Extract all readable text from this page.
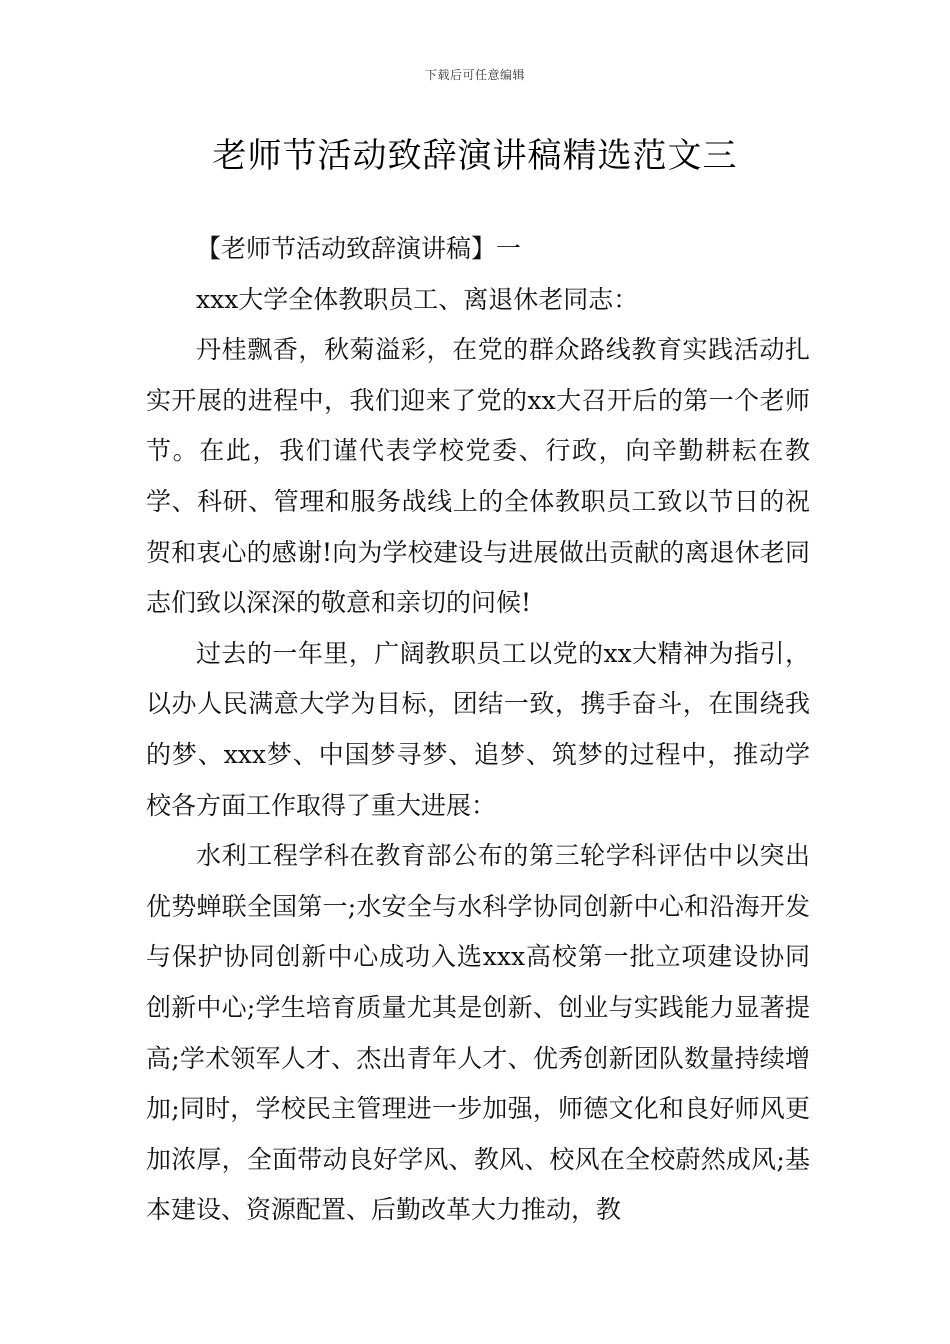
下载后可任意编辑
老师节活动致辞演讲稿精选范文三

【老师节活动致辞演讲稿】一

xxx大学全体教职员工、离退休老同志：

丹桂飘香，秋菊溢彩，在党的群众路线教育实践活动扎实开展的进程中，我们迎来了党的xx大召开后的第一个老师节。在此，我们谨代表学校党委、行政，向辛勤耕耘在教学、科研、管理和服务战线上的全体教职员工致以节日的祝贺和衷心的感谢!向为学校建设与进展做出贡献的离退休老同志们致以深深的敬意和亲切的问候!

过去的一年里，广阔教职员工以党的xx大精神为指引，以办人民满意大学为目标，团结一致，携手奋斗，在围绕我的梦、xxx梦、中国梦寻梦、追梦、筑梦的过程中，推动学校各方面工作取得了重大进展：

水利工程学科在教育部公布的第三轮学科评估中以突出优势蝉联全国第一;水安全与水科学协同创新中心和沿海开发与保护协同创新中心成功入选xxx高校第一批立项建设协同创新中心;学生培育质量尤其是创新、创业与实践能力显著提高;学术领军人才、杰出青年人才、优秀创新团队数量持续增加;同时，学校民主管理进一步加强，师德文化和良好师风更加浓厚，全面带动良好学风、教风、校风在全校蔚然成风;基本建设、资源配置、后勤改革大力推动，教
